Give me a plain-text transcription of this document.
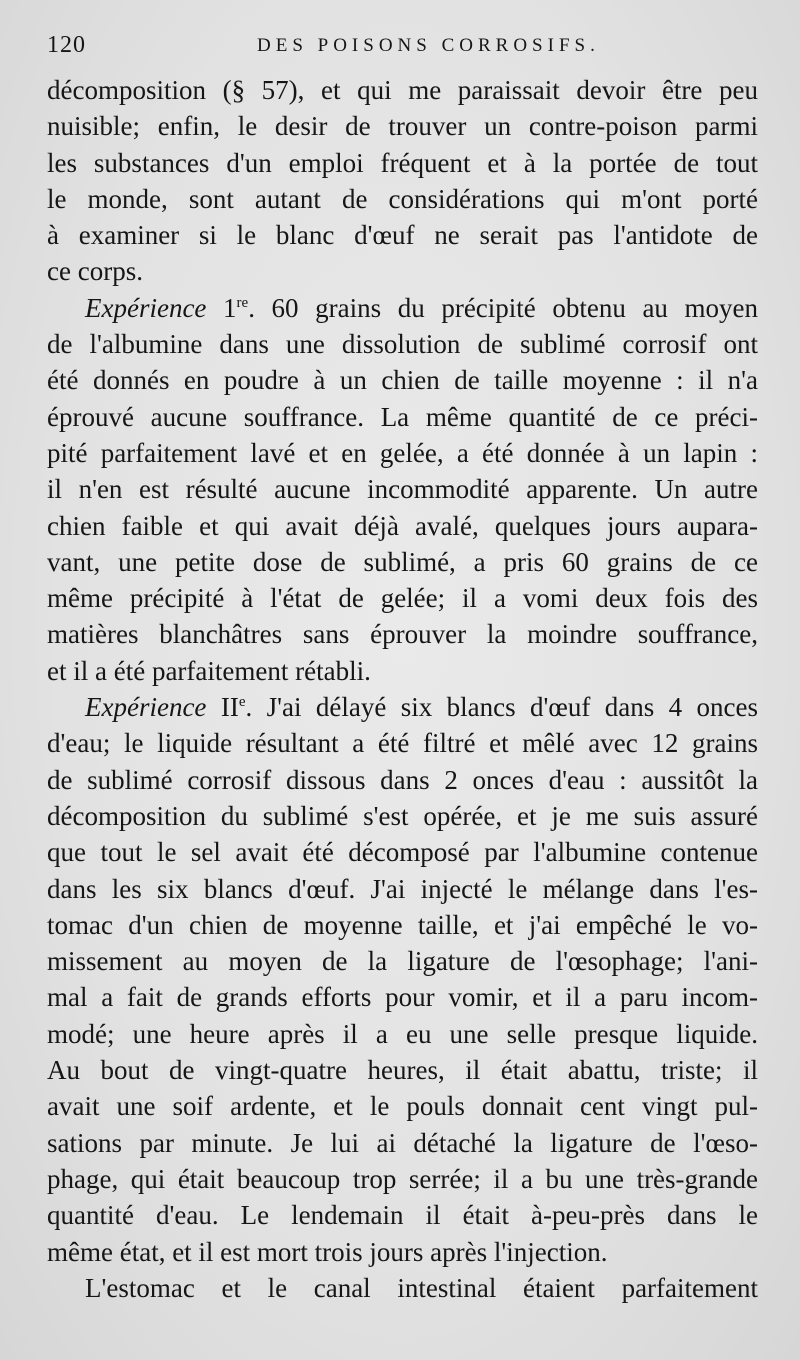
120	DES POISONS CORROSIFS.
décomposition (§ 57), et qui me paraissait devoir être peu
nuisible; enfin, le desir de trouver un contre-poison parmi
les substances d'un emploi fréquent et à la portée de tout
le monde, sont autant de considérations qui m'ont porté
à examiner si le blanc d'œuf ne serait pas l'antidote de
ce corps.
Expérience 1re. 60 grains du précipité obtenu au moyen
de l'albumine dans une dissolution de sublimé corrosif ont
été donnés en poudre à un chien de taille moyenne : il n'a
éprouvé aucune souffrance. La même quantité de ce préci-
pité parfaitement lavé et en gelée, a été donnée à un lapin :
il n'en est résulté aucune incommodité apparente. Un autre
chien faible et qui avait déjà avalé, quelques jours aupara-
vant, une petite dose de sublimé, a pris 60 grains de ce
même précipité à l'état de gelée; il a vomi deux fois des
matières blanchâtres sans éprouver la moindre souffrance,
et il a été parfaitement rétabli.
Expérience IIe. J'ai délayé six blancs d'œuf dans 4 onces
d'eau; le liquide résultant a été filtré et mêlé avec 12 grains
de sublimé corrosif dissous dans 2 onces d'eau : aussitôt la
décomposition du sublimé s'est opérée, et je me suis assuré
que tout le sel avait été décomposé par l'albumine contenue
dans les six blancs d'œuf. J'ai injecté le mélange dans l'es-
tomac d'un chien de moyenne taille, et j'ai empêché le vo-
missement au moyen de la ligature de l'œsophage; l'ani-
mal a fait de grands efforts pour vomir, et il a paru incom-
modé; une heure après il a eu une selle presque liquide.
Au bout de vingt-quatre heures, il était abattu, triste; il
avait une soif ardente, et le pouls donnait cent vingt pul-
sations par minute. Je lui ai détaché la ligature de l'œso-
phage, qui était beaucoup trop serrée; il a bu une très-grande
quantité d'eau. Le lendemain il était à-peu-près dans le
même état, et il est mort trois jours après l'injection.
L'estomac et le canal intestinal étaient parfaitement
